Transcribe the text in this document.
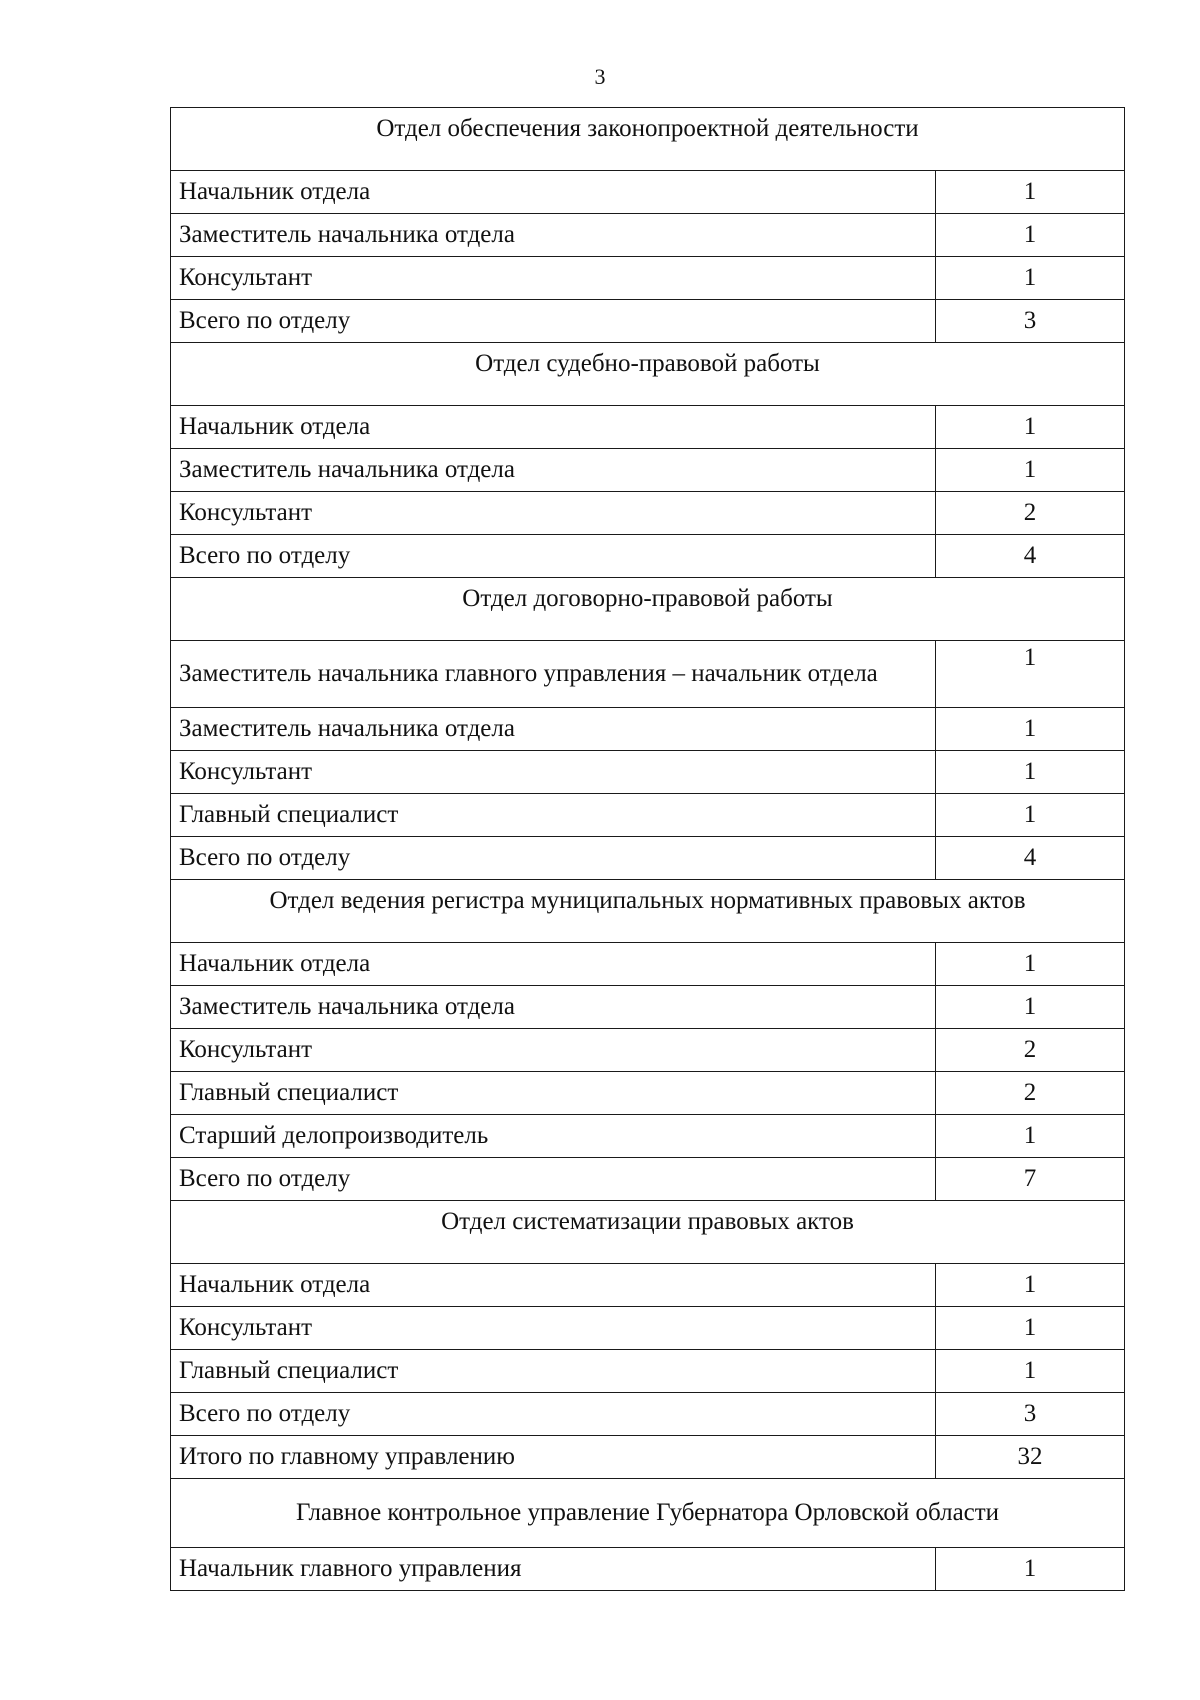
3
Отдел обеспечения законопроектной деятельности	
Начальник отдела	1
Заместитель начальника отдела	1
Консультант	1
Всего по отделу	3
Отдел судебно-правовой работы	
Начальник отдела	1
Заместитель начальника отдела	1
Консультант	2
Всего по отделу	4
Отдел договорно-правовой работы	
Заместитель начальника главного управления – начальник отдела	1
Заместитель начальника отдела	1
Консультант	1
Главный специалист	1
Всего по отделу	4
Отдел ведения регистра муниципальных нормативных правовых актов	
Начальник отдела	1
Заместитель начальника отдела	1
Консультант	2
Главный специалист	2
Старший делопроизводитель	1
Всего по отделу	7
Отдел систематизации правовых актов	
Начальник отдела	1
Консультант	1
Главный специалист	1
Всего по отделу	3
Итого по главному управлению	32
Главное контрольное управление Губернатора Орловской области	
Начальник главного управления	1
